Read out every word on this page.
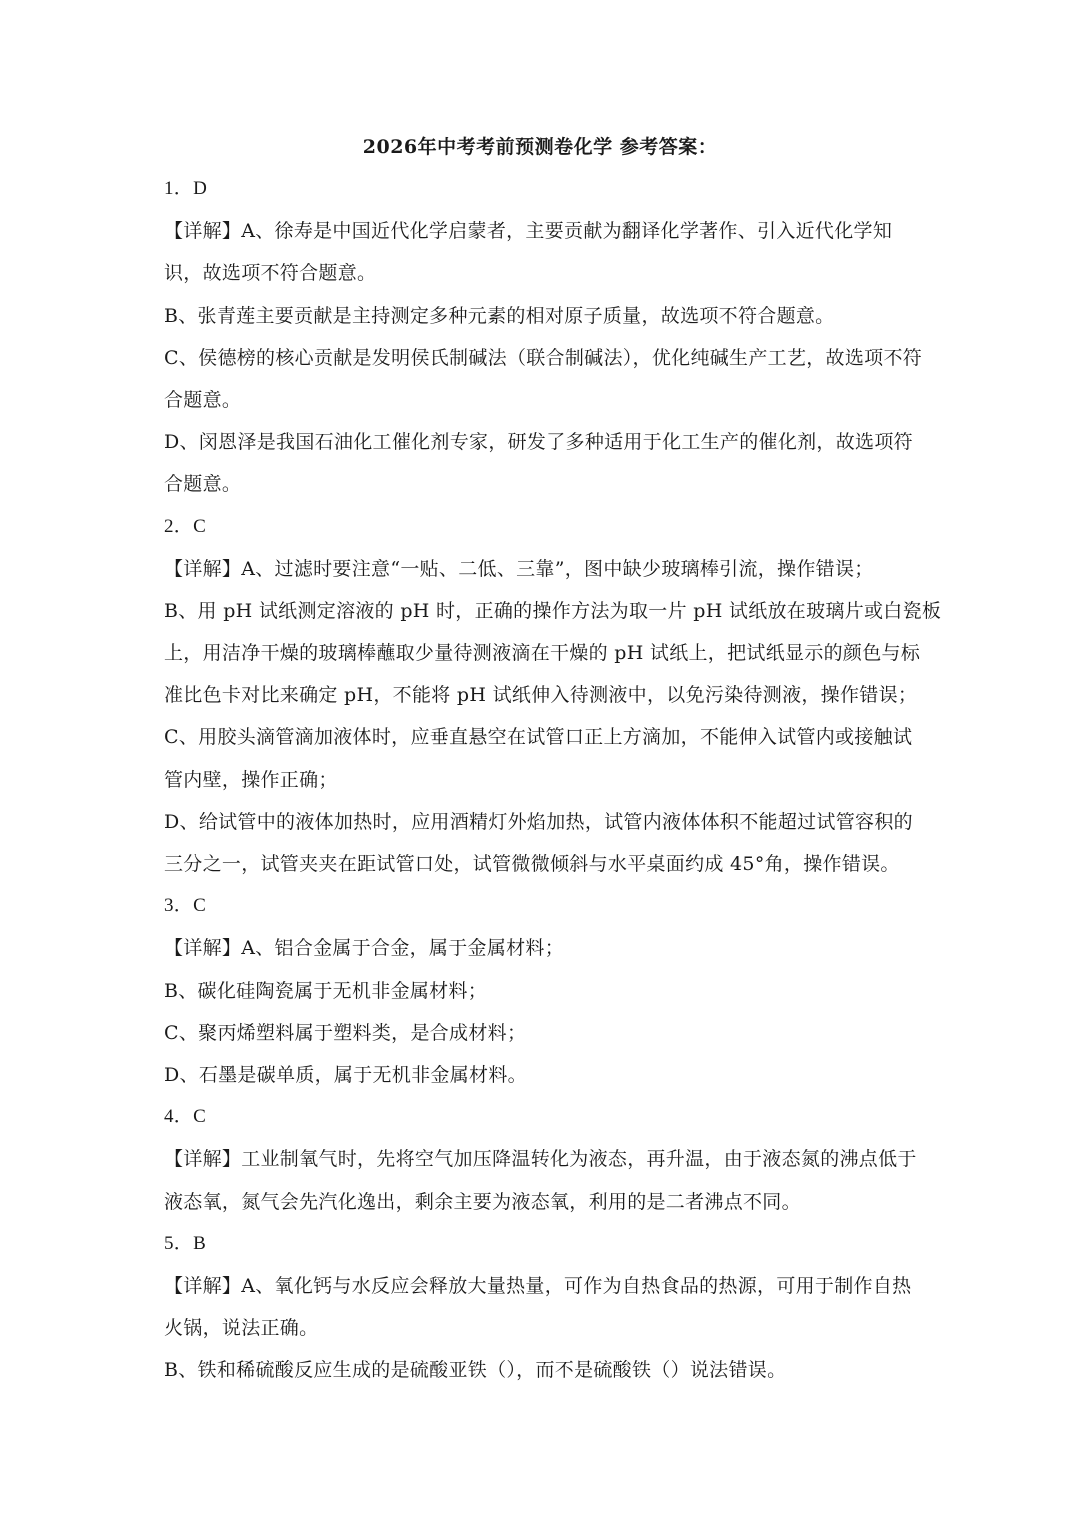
2026年中考考前预测卷化学 参考答案：
1．D
【详解】A、徐寿是中国近代化学启蒙者，主要贡献为翻译化学著作、引入近代化学知
识，故选项不符合题意。
B、张青莲主要贡献是主持测定多种元素的相对原子质量，故选项不符合题意。
C、侯德榜的核心贡献是发明侯氏制碱法（联合制碱法），优化纯碱生产工艺，故选项不符
合题意。
D、闵恩泽是我国石油化工催化剂专家，研发了多种适用于化工生产的催化剂，故选项符
合题意。
2．C
【详解】A、过滤时要注意“一贴、二低、三靠”，图中缺少玻璃棒引流，操作错误；
B、用 pH 试纸测定溶液的 pH 时，正确的操作方法为取一片 pH 试纸放在玻璃片或白瓷板
上，用洁净干燥的玻璃棒蘸取少量待测液滴在干燥的 pH 试纸上，把试纸显示的颜色与标
准比色卡对比来确定 pH，不能将 pH 试纸伸入待测液中，以免污染待测液，操作错误；
C、用胶头滴管滴加液体时，应垂直悬空在试管口正上方滴加，不能伸入试管内或接触试
管内壁，操作正确；
D、给试管中的液体加热时，应用酒精灯外焰加热，试管内液体体积不能超过试管容积的
三分之一，试管夹夹在距试管口处，试管微微倾斜与水平桌面约成 45°角，操作错误。
3．C
【详解】A、铝合金属于合金，属于金属材料；
B、碳化硅陶瓷属于无机非金属材料；
C、聚丙烯塑料属于塑料类，是合成材料；
D、石墨是碳单质，属于无机非金属材料。
4．C
【详解】工业制氧气时，先将空气加压降温转化为液态，再升温，由于液态氮的沸点低于
液态氧，氮气会先汽化逸出，剩余主要为液态氧，利用的是二者沸点不同。
5．B
【详解】A、氧化钙与水反应会释放大量热量，可作为自热食品的热源，可用于制作自热
火锅，说法正确。
B、铁和稀硫酸反应生成的是硫酸亚铁（），而不是硫酸铁（）说法错误。
